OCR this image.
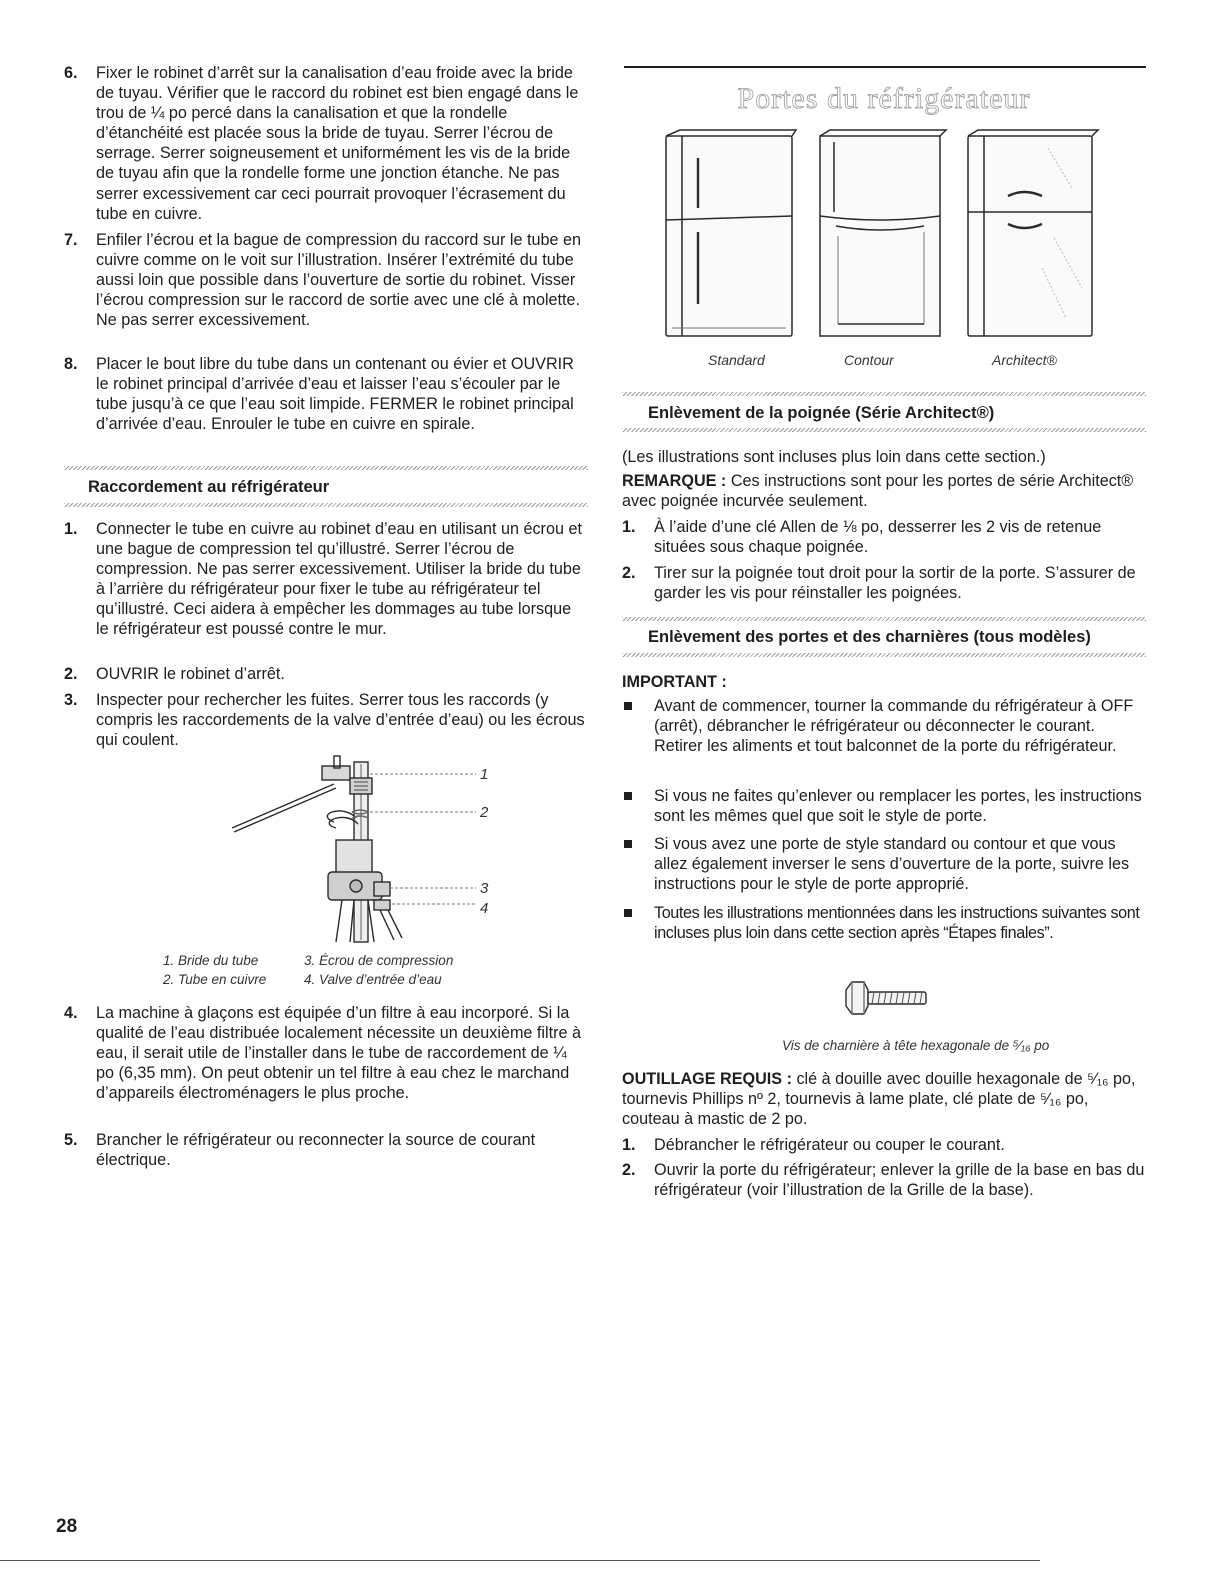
6. Fixer le robinet d’arrêt sur la canalisation d’eau froide avec la bride de tuyau. Vérifier que le raccord du robinet est bien engagé dans le trou de ¼ po percé dans la canalisation et que la rondelle d’étanchéité est placée sous la bride de tuyau. Serrer l’écrou de serrage. Serrer soigneusement et uniformément les vis de la bride de tuyau afin que la rondelle forme une jonction étanche. Ne pas serrer excessivement car ceci pourrait provoquer l’écrasement du tube en cuivre.
7. Enfiler l’écrou et la bague de compression du raccord sur le tube en cuivre comme on le voit sur l’illustration. Insérer l’extrémité du tube aussi loin que possible dans l’ouverture de sortie du robinet. Visser l’écrou compression sur le raccord de sortie avec une clé à molette. Ne pas serrer excessivement.
8. Placer le bout libre du tube dans un contenant ou évier et OUVRIR le robinet principal d’arrivée d’eau et laisser l’eau s’écouler par le tube jusqu’à ce que l’eau soit limpide. FERMER le robinet principal d’arrivée d’eau. Enrouler le tube en cuivre en spirale.
Raccordement au réfrigérateur
1. Connecter le tube en cuivre au robinet d’eau en utilisant un écrou et une bague de compression tel qu’illustré. Serrer l’écrou de compression. Ne pas serrer excessivement. Utiliser la bride du tube à l’arrière du réfrigérateur pour fixer le tube au réfrigérateur tel qu’illustré. Ceci aidera à empêcher les dommages au tube lorsque le réfrigérateur est poussé contre le mur.
2. OUVRIR le robinet d’arrêt.
3. Inspecter pour rechercher les fuites. Serrer tous les raccords (y compris les raccordements de la valve d’entrée d’eau) ou les écrous qui coulent.
1
2
3
4
1. Bride du tube	3. Écrou de compression
2. Tube en cuivre	4. Valve d’entrée d’eau
4. La machine à glaçons est équipée d’un filtre à eau incorporé. Si la qualité de l’eau distribuée localement nécessite un deuxième filtre à eau, il serait utile de l’installer dans le tube de raccordement de ¼ po (6,35 mm). On peut obtenir un tel filtre à eau chez le marchand d’appareils électroménagers le plus proche.
5. Brancher le réfrigérateur ou reconnecter la source de courant électrique.
28
Portes du réfrigérateur
Standard	Contour	Architect®
Enlèvement de la poignée (Série Architect®)
(Les illustrations sont incluses plus loin dans cette section.)
REMARQUE : Ces instructions sont pour les portes de série Architect® avec poignée incurvée seulement.
1. À l’aide d’une clé Allen de ⅛ po, desserrer les 2 vis de retenue situées sous chaque poignée.
2. Tirer sur la poignée tout droit pour la sortir de la porte. S’assurer de garder les vis pour réinstaller les poignées.
Enlèvement des portes et des charnières (tous modèles)
IMPORTANT :
Avant de commencer, tourner la commande du réfrigérateur à OFF (arrêt), débrancher le réfrigérateur ou déconnecter le courant. Retirer les aliments et tout balconnet de la porte du réfrigérateur.
Si vous ne faites qu’enlever ou remplacer les portes, les instructions sont les mêmes quel que soit le style de porte.
Si vous avez une porte de style standard ou contour et que vous allez également inverser le sens d’ouverture de la porte, suivre les instructions pour le style de porte approprié.
Toutes les illustrations mentionnées dans les instructions suivantes sont incluses plus loin dans cette section après “Étapes finales”.
Vis de charnière à tête hexagonale de ⁵⁄₁₆ po
OUTILLAGE REQUIS : clé à douille avec douille hexagonale de ⁵⁄₁₆ po, tournevis Phillips nº 2, tournevis à lame plate, clé plate de ⁵⁄₁₆ po, couteau à mastic de 2 po.
1. Débrancher le réfrigérateur ou couper le courant.
2. Ouvrir la porte du réfrigérateur; enlever la grille de la base en bas du réfrigérateur (voir l’illustration de la Grille de la base).
